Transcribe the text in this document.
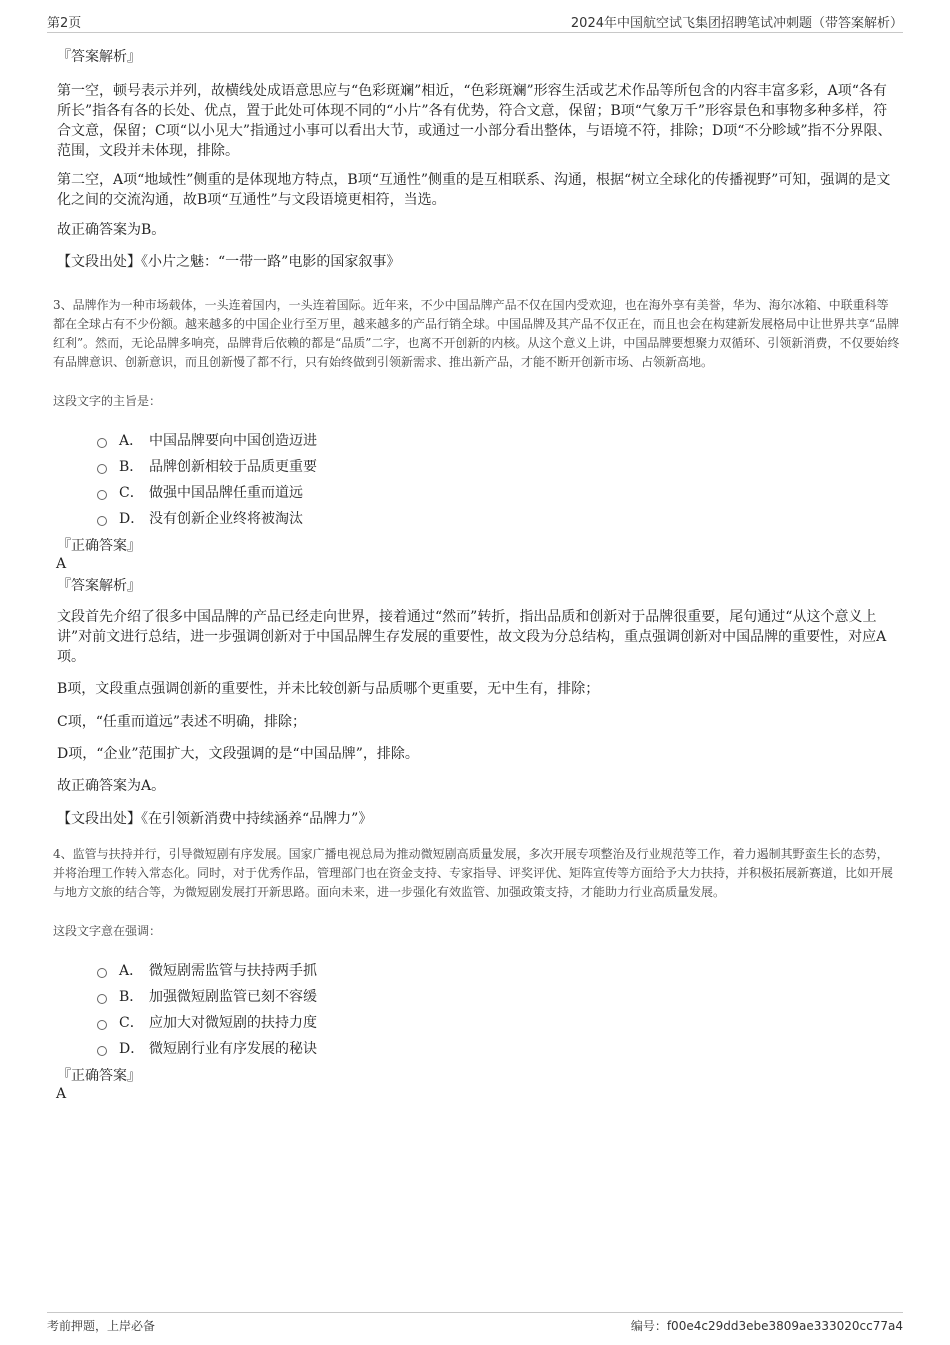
第2页	2024年中国航空试飞集团招聘笔试冲刺题（带答案解析）

『答案解析』

第一空，顿号表示并列，故横线处成语意思应与“色彩斑斓”相近，“色彩斑斓”形容生活或艺术作品等所包含的内容丰富多彩，A项“各有所长”指各有各的长处、优点，置于此处可体现不同的“小片”各有优势，符合文意，保留；B项“气象万千”形容景色和事物多种多样，符合文意，保留；C项“以小见大”指通过小事可以看出大节，或通过一小部分看出整体，与语境不符，排除；D项“不分畛域”指不分界限、范围，文段并未体现，排除。

第二空，A项“地域性”侧重的是体现地方特点，B项“互通性”侧重的是互相联系、沟通，根据“树立全球化的传播视野”可知，强调的是文化之间的交流沟通，故B项“互通性”与文段语境更相符，当选。

故正确答案为B。

【文段出处】《小片之魅：“一带一路”电影的国家叙事》

3、品牌作为一种市场载体，一头连着国内，一头连着国际。近年来，不少中国品牌产品不仅在国内受欢迎，也在海外享有美誉，华为、海尔冰箱、中联重科等都在全球占有不少份额。越来越多的中国企业行至万里，越来越多的产品行销全球。中国品牌及其产品不仅正在，而且也会在构建新发展格局中让世界共享“品牌红利”。然而，无论品牌多响亮，品牌背后依赖的都是“品质”二字，也离不开创新的内核。从这个意义上讲，中国品牌要想聚力双循环、引领新消费，不仅要始终有品牌意识、创新意识，而且创新慢了都不行，只有始终做到引领新需求、推出新产品，才能不断开创新市场、占领新高地。

这段文字的主旨是：

A． 中国品牌要向中国创造迈进
B． 品牌创新相较于品质更重要
C． 做强中国品牌任重而道远
D． 没有创新企业终将被淘汰

『正确答案』

A

『答案解析』

文段首先介绍了很多中国品牌的产品已经走向世界，接着通过“然而”转折，指出品质和创新对于品牌很重要，尾句通过“从这个意义上讲”对前文进行总结，进一步强调创新对于中国品牌生存发展的重要性，故文段为分总结构，重点强调创新对中国品牌的重要性，对应A项。

B项，文段重点强调创新的重要性，并未比较创新与品质哪个更重要，无中生有，排除；

C项，“任重而道远”表述不明确，排除；

D项，“企业”范围扩大，文段强调的是“中国品牌”，排除。

故正确答案为A。

【文段出处】《在引领新消费中持续涵养“品牌力”》

4、监管与扶持并行，引导微短剧有序发展。国家广播电视总局为推动微短剧高质量发展，多次开展专项整治及行业规范等工作，着力遏制其野蛮生长的态势，并将治理工作转入常态化。同时，对于优秀作品，管理部门也在资金支持、专家指导、评奖评优、矩阵宣传等方面给予大力扶持，并积极拓展新赛道，比如开展与地方文旅的结合等，为微短剧发展打开新思路。面向未来，进一步强化有效监管、加强政策支持，才能助力行业高质量发展。

这段文字意在强调：

A． 微短剧需监管与扶持两手抓
B． 加强微短剧监管已刻不容缓
C． 应加大对微短剧的扶持力度
D． 微短剧行业有序发展的秘诀

『正确答案』

A

考前押题，上岸必备	编号：f00e4c29dd3ebe3809ae333020cc77a4
